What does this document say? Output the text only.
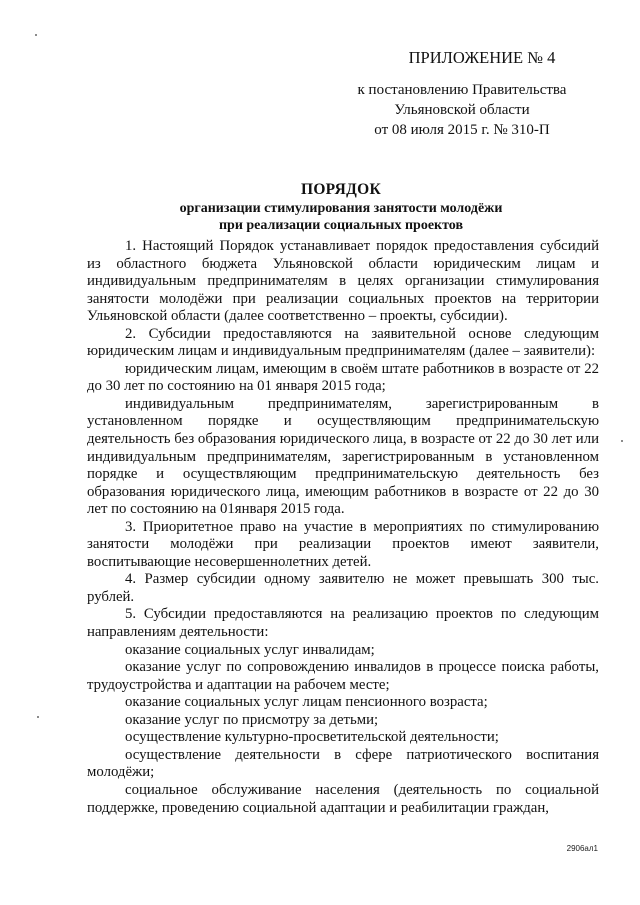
ПРИЛОЖЕНИЕ № 4
к постановлению Правительства
Ульяновской области
от 08 июля 2015 г. № 310-П
ПОРЯДОК
организации стимулирования занятости молодёжи
при реализации социальных проектов

1. Настоящий Порядок устанавливает порядок предоставления субсидий из областного бюджета Ульяновской области юридическим лицам и индивидуальным предпринимателям в целях организации стимулирования занятости молодёжи при реализации социальных проектов на территории Ульяновской области (далее соответственно – проекты, субсидии).

2. Субсидии предоставляются на заявительной основе следующим юридическим лицам и индивидуальным предпринимателям (далее – заявители):

юридическим лицам, имеющим в своём штате работников в возрасте от 22 до 30 лет по состоянию на 01 января 2015 года;

индивидуальным предпринимателям, зарегистрированным в установленном порядке и осуществляющим предпринимательскую деятельность без образования юридического лица, в возрасте от 22 до 30 лет или индивидуальным предпринимателям, зарегистрированным в установленном порядке и осуществляющим предпринимательскую деятельность без образования юридического лица, имеющим работников в возрасте от 22 до 30 лет по состоянию на 01января 2015 года.

3. Приоритетное право на участие в мероприятиях по стимулированию занятости молодёжи при реализации проектов имеют заявители, воспитывающие несовершеннолетних детей.

4. Размер субсидии одному заявителю не может превышать 300 тыс. рублей.

5. Субсидии предоставляются на реализацию проектов по следующим направлениям деятельности:

оказание социальных услуг инвалидам;

оказание услуг по сопровождению инвалидов в процессе поиска работы, трудоустройства и адаптации на рабочем месте;

оказание социальных услуг лицам пенсионного возраста;

оказание услуг по присмотру за детьми;

осуществление культурно-просветительской деятельности;

осуществление деятельности в сфере патриотического воспитания молодёжи;

социальное обслуживание населения (деятельность по социальной поддержке, проведению социальной адаптации и реабилитации граждан,

2906ал1
